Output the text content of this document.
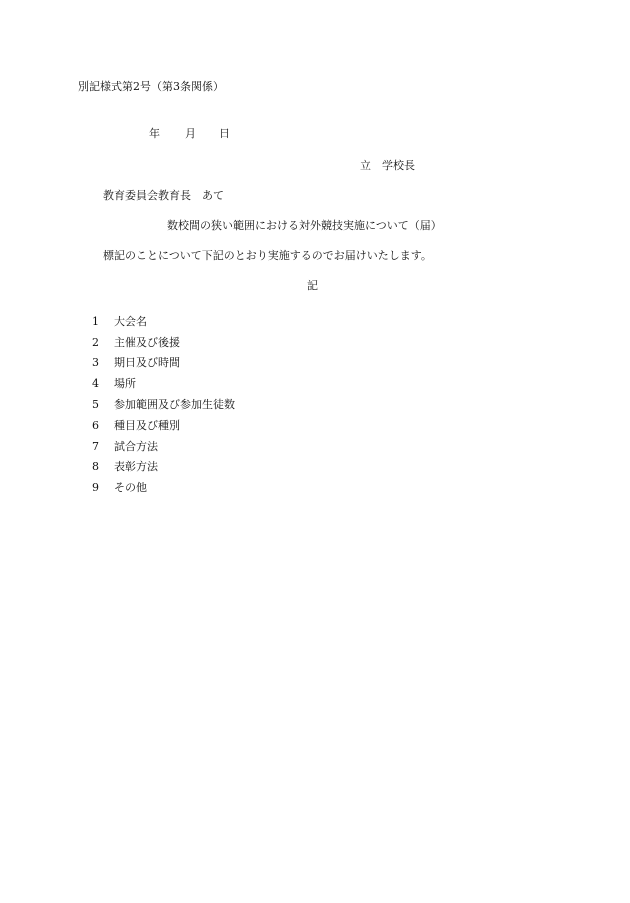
別記様式第2号（第3条関係）
年 月 日
立　学校長
教育委員会教育長　あて
数校間の狭い範囲における対外競技実施について（届）
標記のことについて下記のとおり実施するのでお届けいたします。
記
1	大会名
2	主催及び後援
3	期日及び時間
4	場所
5	参加範囲及び参加生徒数
6	種目及び種別
7	試合方法
8	表彰方法
9	その他
